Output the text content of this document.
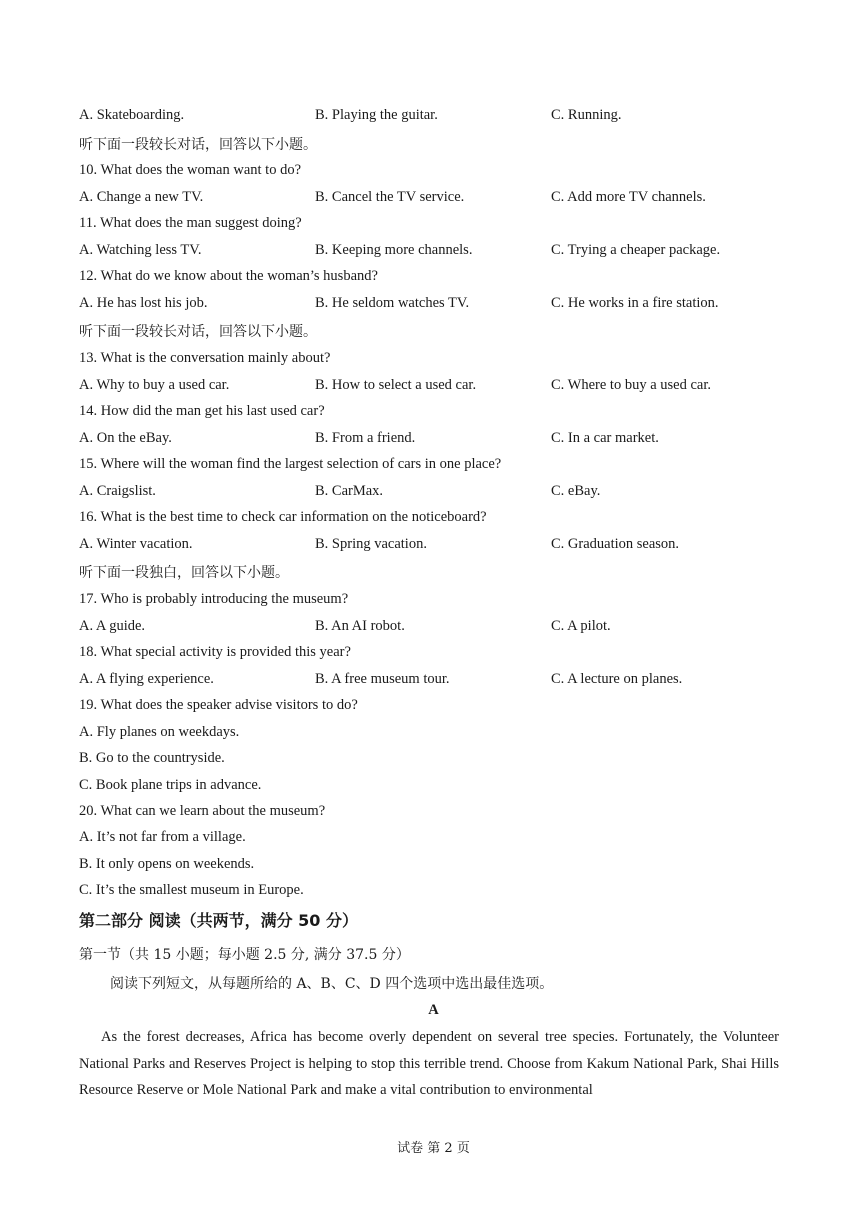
A. Skateboarding.	B. Playing the guitar.	C. Running.
听下面一段较长对话，回答以下小题。
10. What does the woman want to do?
A. Change a new TV.	B. Cancel the TV service.	C. Add more TV channels.
11. What does the man suggest doing?
A. Watching less TV.	B. Keeping more channels.	C. Trying a cheaper package.
12. What do we know about the woman’s husband?
A. He has lost his job.	B. He seldom watches TV.	C. He works in a fire station.
听下面一段较长对话，回答以下小题。
13. What is the conversation mainly about?
A. Why to buy a used car.	B. How to select a used car.	C. Where to buy a used car.
14. How did the man get his last used car?
A. On the eBay.	B. From a friend.	C. In a car market.
15. Where will the woman find the largest selection of cars in one place?
A. Craigslist.	B. CarMax.	C. eBay.
16. What is the best time to check car information on the noticeboard?
A. Winter vacation.	B. Spring vacation.	C. Graduation season.
听下面一段独白，回答以下小题。
17. Who is probably introducing the museum?
A. A guide.	B. An AI robot.	C. A pilot.
18. What special activity is provided this year?
A. A flying experience.	B. A free museum tour.	C. A lecture on planes.
19. What does the speaker advise visitors to do?
A. Fly planes on weekdays.
B. Go to the countryside.
C. Book plane trips in advance.
20. What can we learn about the museum?
A. It’s not far from a village.
B. It only opens on weekends.
C. It’s the smallest museum in Europe.
第二部分 阅读（共两节，满分 50 分）
第一节（共 15 小题；每小题 2.5 分, 满分 37.5 分）
阅读下列短文，从每题所给的 A、B、C、D 四个选项中选出最佳选项。
A
As the forest decreases, Africa has become overly dependent on several tree species. Fortunately, the Volunteer National Parks and Reserves Project is helping to stop this terrible trend. Choose from Kakum National Park, Shai Hills Resource Reserve or Mole National Park and make a vital contribution to environmental
试卷 第 2 页
